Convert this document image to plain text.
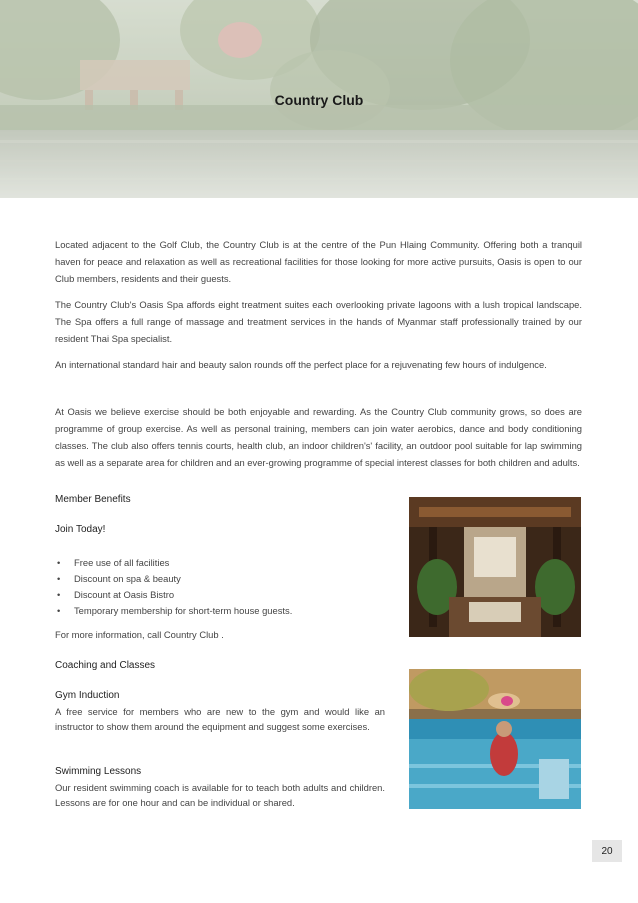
Country Club
Located adjacent to the Golf Club, the Country Club is at the centre of the Pun Hlaing Community. Offering both a tranquil haven for peace and relaxation as well as recreational facilities for those looking for more active pursuits, Oasis is open to our Club members, residents and their guests.
The Country Club's Oasis Spa affords eight treatment suites each overlooking private lagoons with a lush tropical landscape. The Spa offers a full range of massage and treatment services in the hands of Myanmar staff professionally trained by our resident Thai Spa specialist.
An international standard hair and beauty salon rounds off the perfect place for a rejuvenating few hours of indulgence.
At Oasis we believe exercise should be both enjoyable and rewarding. As the Country Club community grows, so does are programme of group exercise. As well as personal training, members can join water aerobics, dance and body conditioning classes. The club also offers tennis courts, health club, an indoor children's' facility, an outdoor pool suitable for lap swimming as well as a separate area for children and an ever-growing programme of special interest classes for both children and adults.
Member Benefits
Join Today!
• Free use of all facilities
• Discount on spa & beauty
• Discount at Oasis Bistro
• Temporary membership for short-term house guests.
For more information, call Country Club .
Coaching and Classes
Gym Induction
A free service for members who are new to the gym and would like an instructor to show them around the equipment and suggest some exercises.
Swimming Lessons
Our resident swimming coach is available for to teach both adults and children. Lessons are for one hour and can be individual or shared.
20
